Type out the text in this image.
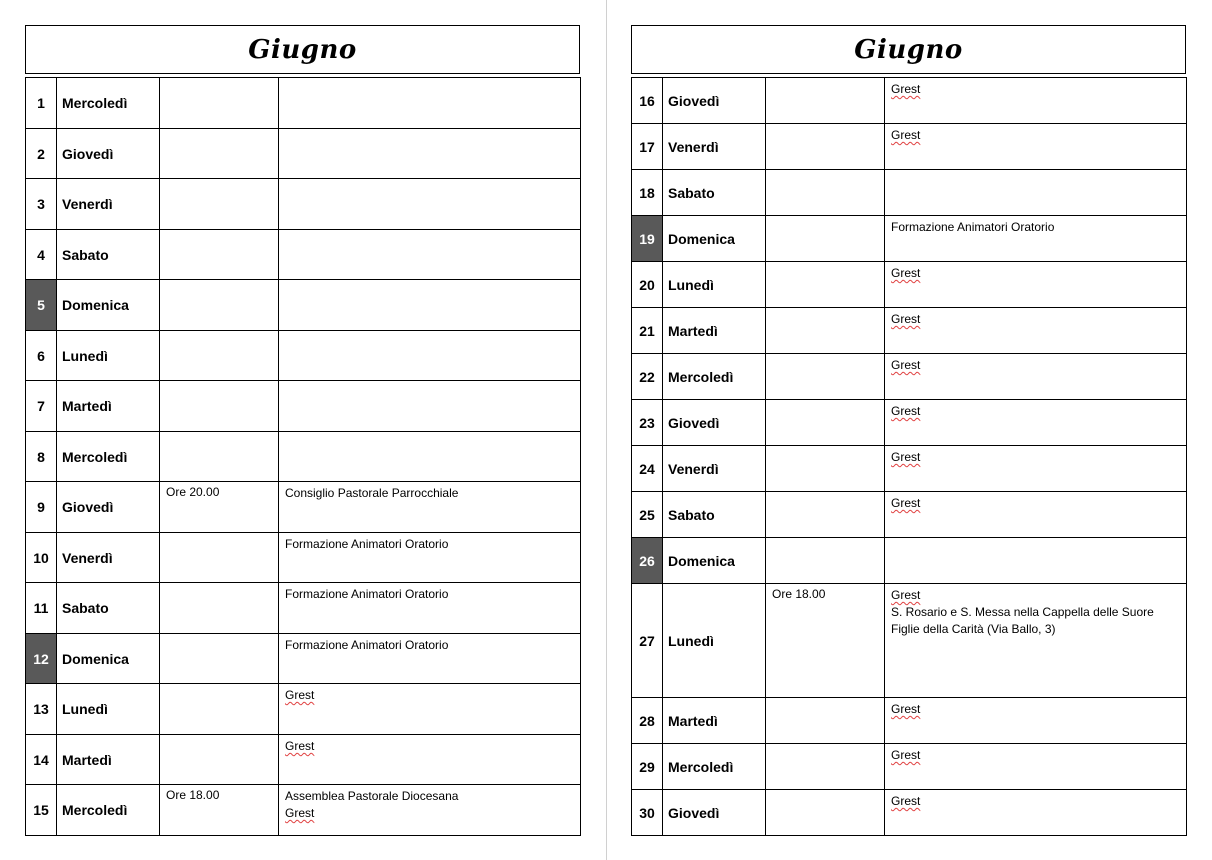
Giugno
1	Mercoledì		
2	Giovedì		
3	Venerdì		
4	Sabato		
5	Domenica		
6	Lunedì		
7	Martedì		
8	Mercoledì		
9	Giovedì	Ore 20.00	Consiglio Pastorale Parrocchiale

10	Venerdì		Formazione Animatori Oratorio

11	Sabato		Formazione Animatori Oratorio

12	Domenica		Formazione Animatori Oratorio

13	Lunedì		Grest

14	Martedì		Grest

15	Mercoledì	Ore 18.00	Assemblea Pastorale Diocesana
Grest
Giugno
16	Giovedì		Grest

17	Venerdì		Grest

18	Sabato		
19	Domenica		Formazione Animatori Oratorio

20	Lunedì		Grest

21	Martedì		Grest

22	Mercoledì		Grest

23	Giovedì		Grest

24	Venerdì		Grest

25	Sabato		Grest

26	Domenica		
27	Lunedì	Ore 18.00	Grest
S. Rosario e S. Messa nella Cappella delle Suore Figlie della Carità (Via Ballo, 3)

28	Martedì		Grest

29	Mercoledì		Grest

30	Giovedì		Grest
